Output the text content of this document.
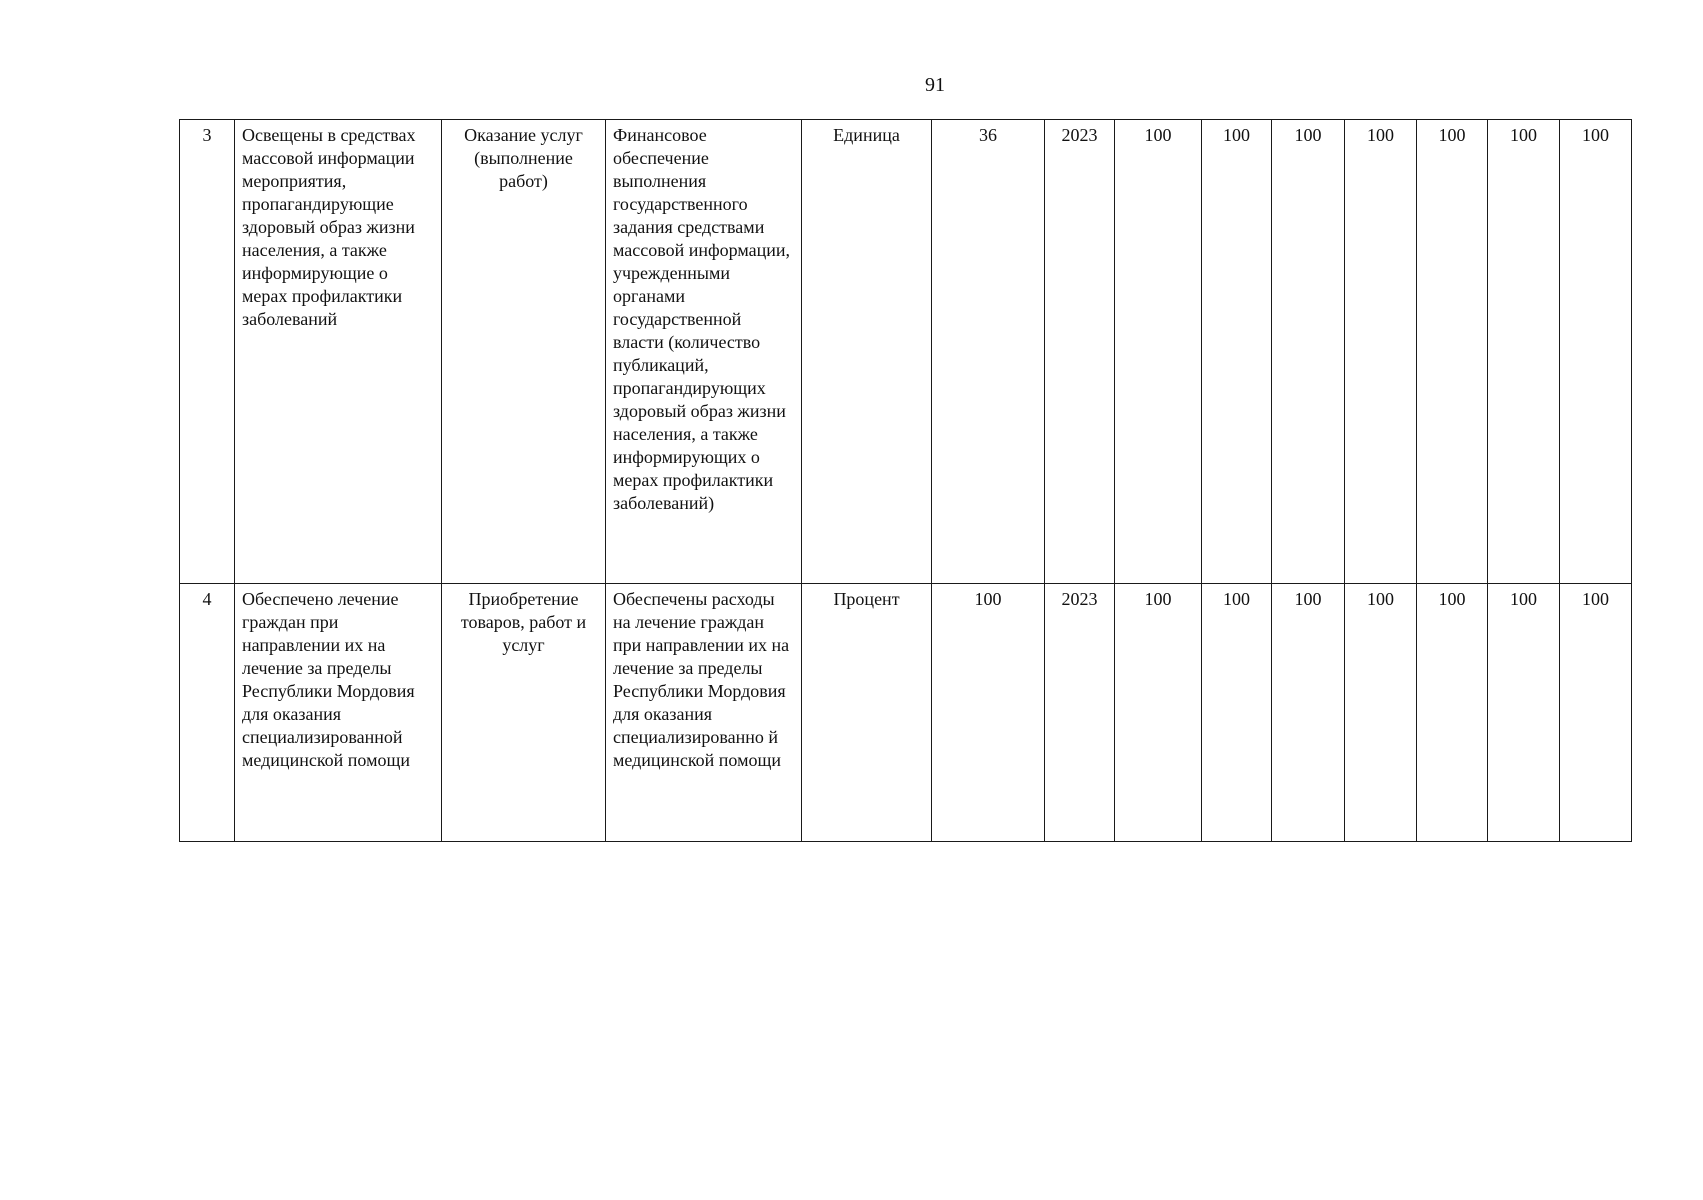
91
3	Освещены в средствах массовой информации мероприятия, пропагандирующие здоровый образ жизни населения, а также информирующие о мерах профилактики заболеваний	Оказание услуг (выполнение работ)	Финансовое обеспечение выполнения государственного задания средствами массовой информации, учрежденными органами государственной власти (количество публикаций, пропагандирующих здоровый образ жизни населения, а также информирующих о мерах профилактики заболеваний)	Единица	36	2023	100	100	100	100	100	100	100
4	Обеспечено лечение граждан при направлении их на лечение за пределы Республики Мордовия для оказания специализированной медицинской помощи	Приобретение товаров, работ и услуг	Обеспечены расходы на лечение граждан при направлении их на лечение за пределы Республики Мордовия для оказания специализированно й медицинской помощи	Процент	100	2023	100	100	100	100	100	100	100
